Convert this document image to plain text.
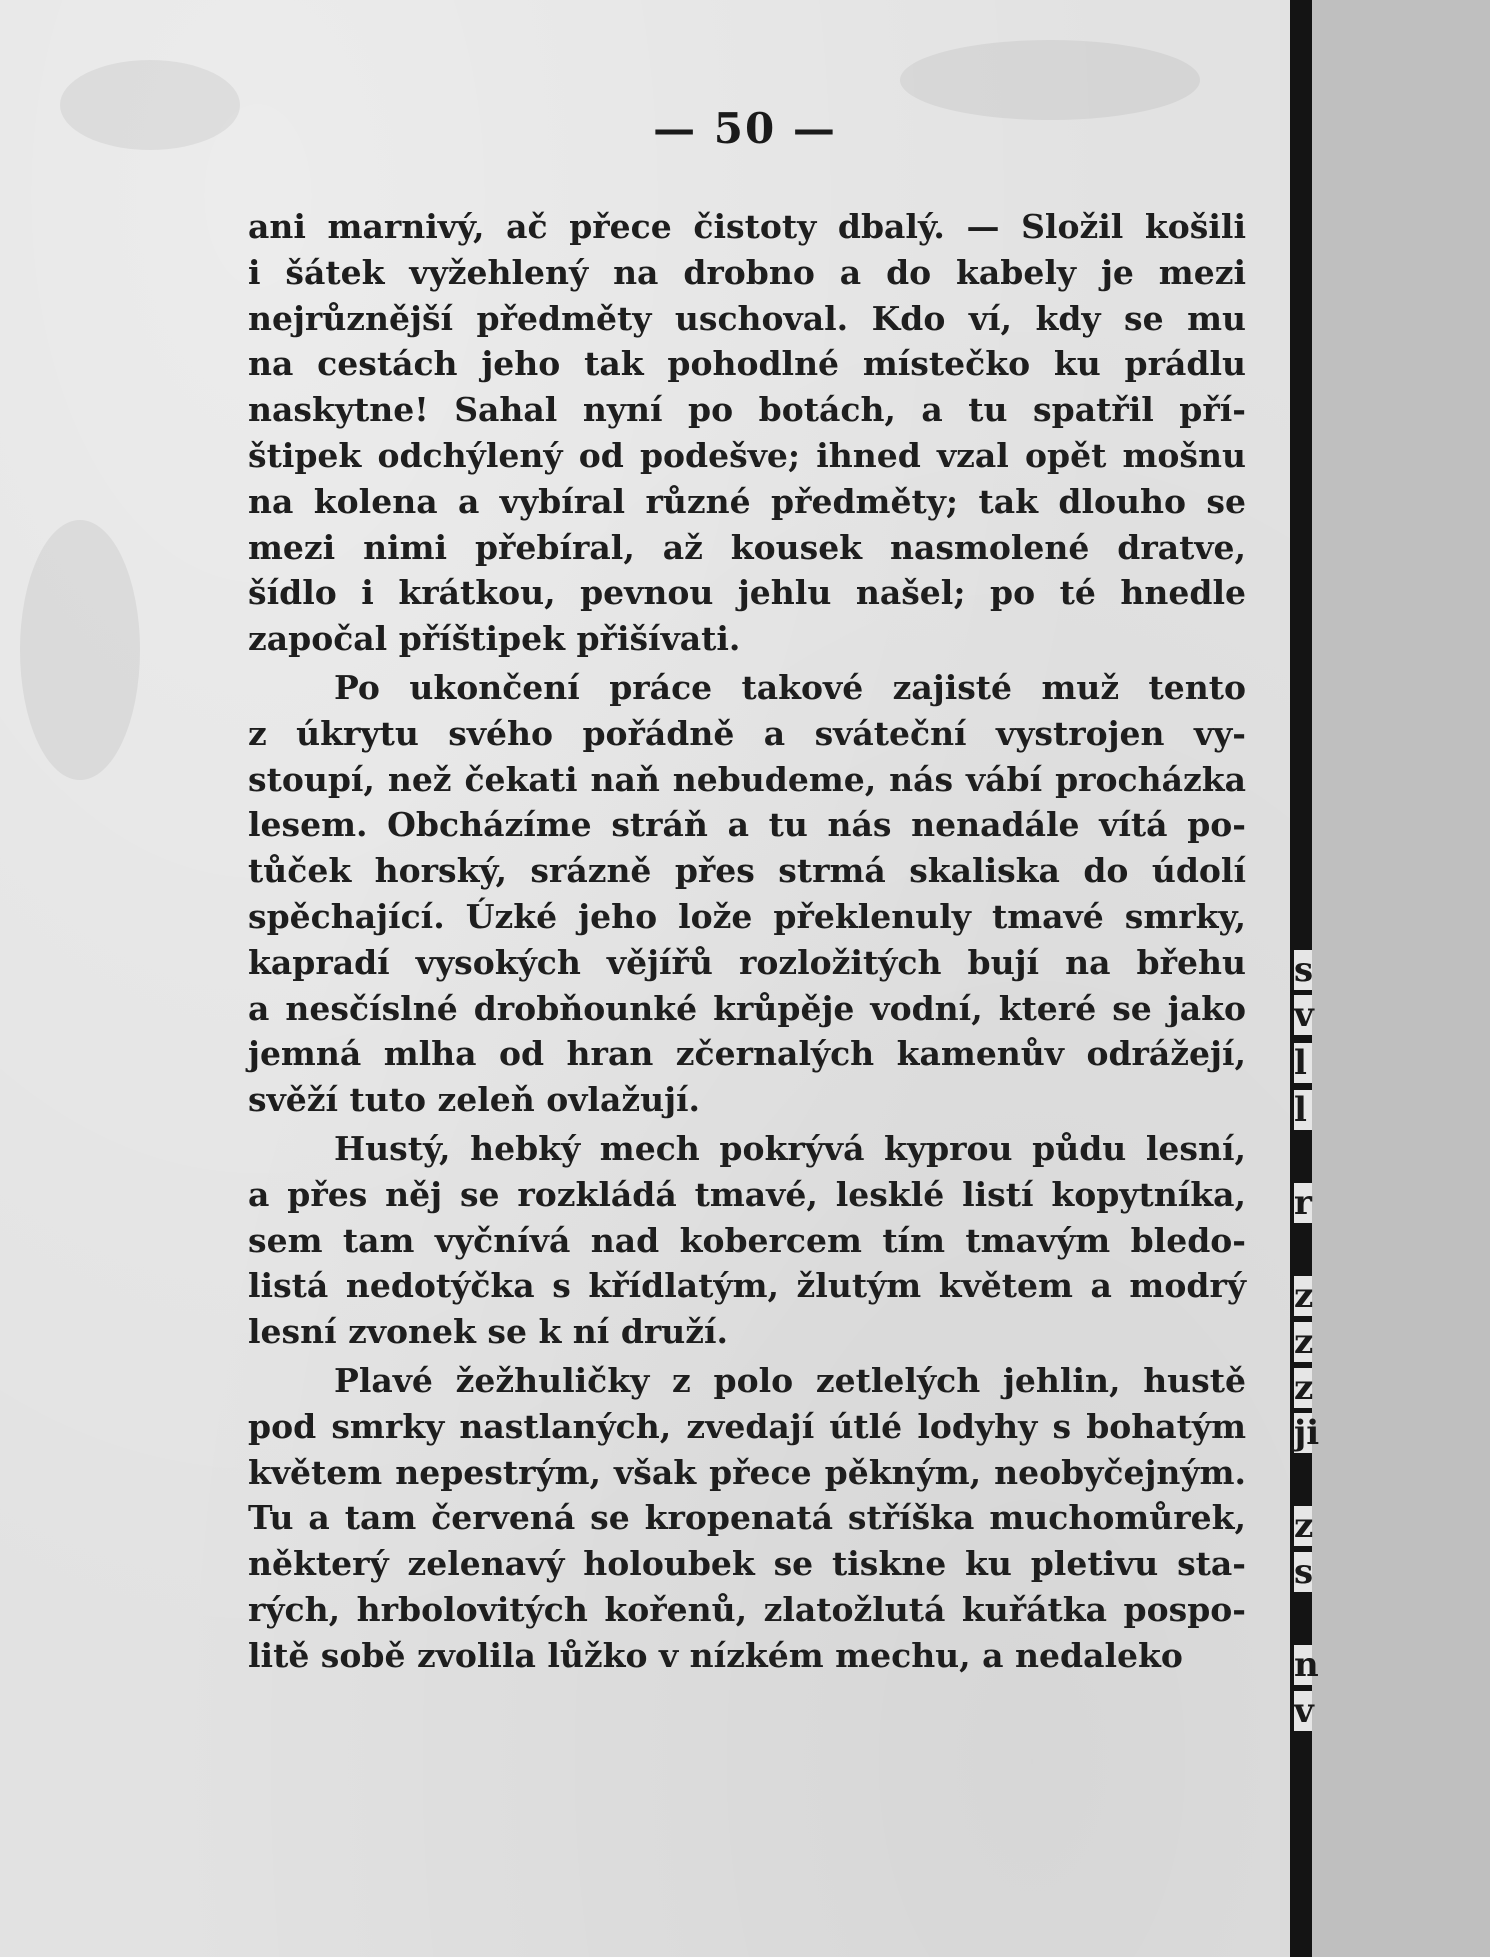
— 50 —
ani marnivý, ač přece čistoty dbalý. — Složil košili
i šátek vyžehlený na drobno a do kabely je mezi
nejrůznější předměty uschoval. Kdo ví, kdy se mu
na cestách jeho tak pohodlné místečko ku prádlu
naskytne! Sahal nyní po botách, a tu spatřil pří-
štipek odchýlený od podešve; ihned vzal opět mošnu
na kolena a vybíral různé předměty; tak dlouho se
mezi nimi přebíral, až kousek nasmolené dratve,
šídlo i krátkou, pevnou jehlu našel; po té hnedle
započal příštipek přišívati.
Po ukončení práce takové zajisté muž tento
z úkrytu svého pořádně a sváteční vystrojen vy-
stoupí, než čekati naň nebudeme, nás vábí procházka
lesem. Obcházíme stráň a tu nás nenadále vítá po-
tůček horský, srázně přes strmá skaliska do údolí
spěchající. Úzké jeho lože překlenuly tmavé smrky,
kapradí vysokých vějířů rozložitých bují na břehu
a nesčíslné drobňounké krůpěje vodní, které se jako
jemná mlha od hran zčernalých kamenův odrážejí,
svěží tuto zeleň ovlažují.
Hustý, hebký mech pokrývá kyprou půdu lesní,
a přes něj se rozkládá tmavé, lesklé listí kopytníka,
sem tam vyčnívá nad kobercem tím tmavým bledo-
listá nedotýčka s křídlatým, žlutým květem a modrý
lesní zvonek se k ní druží.
Plavé žežhuličky z polo zetlelých jehlin, hustě
pod smrky nastlaných, zvedají útlé lodyhy s bohatým
květem nepestrým, však přece pěkným, neobyčejným.
Tu a tam červená se kropenatá stříška muchomůrek,
některý zelenavý holoubek se tiskne ku pletivu sta-
rých, hrbolovitých kořenů, zlatožlutá kuřátka pospo-
litě sobě zvolila lůžko v nízkém mechu, a nedaleko
s
v
l
l
r
z
z
z
ji
z
s
n
v
